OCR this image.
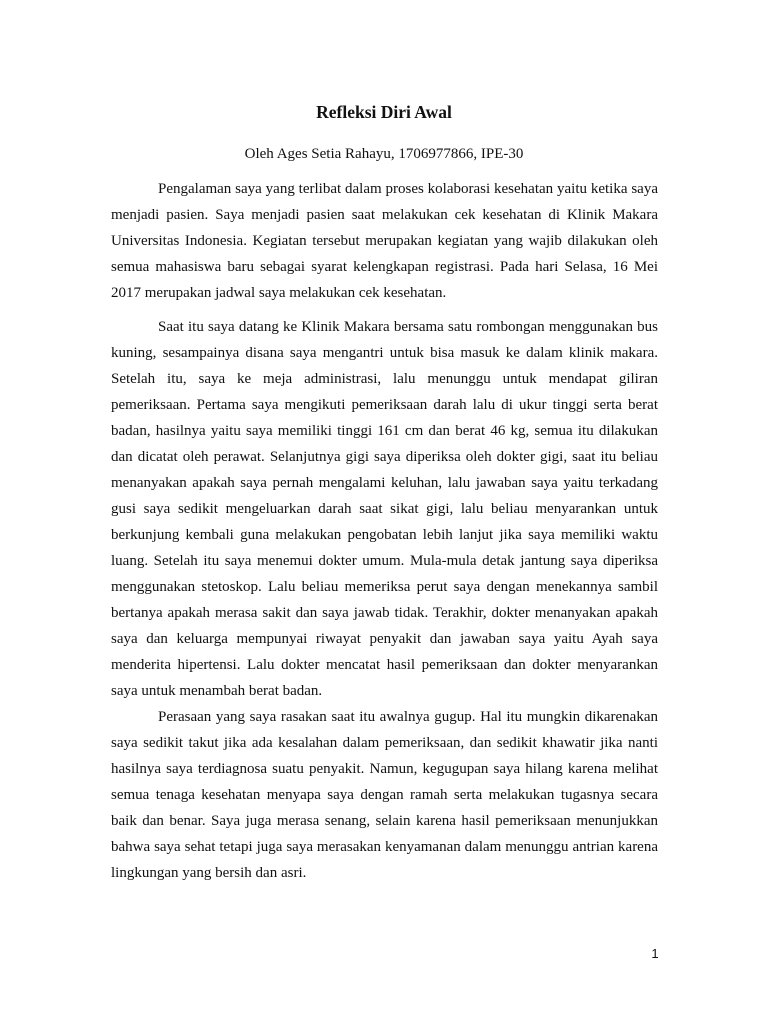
Refleksi Diri Awal

Oleh Ages Setia Rahayu, 1706977866, IPE-30

Pengalaman saya yang terlibat dalam proses kolaborasi kesehatan yaitu ketika saya menjadi pasien. Saya menjadi pasien saat melakukan cek kesehatan di Klinik Makara Universitas Indonesia. Kegiatan tersebut merupakan kegiatan yang wajib dilakukan oleh semua mahasiswa baru sebagai syarat kelengkapan registrasi. Pada hari Selasa, 16 Mei 2017 merupakan jadwal saya melakukan cek kesehatan.

Saat itu saya datang ke Klinik Makara bersama satu rombongan menggunakan bus kuning, sesampainya disana saya mengantri untuk bisa masuk ke dalam klinik makara. Setelah itu, saya ke meja administrasi, lalu menunggu untuk mendapat giliran pemeriksaan. Pertama saya mengikuti pemeriksaan darah lalu di ukur tinggi serta berat badan, hasilnya yaitu saya memiliki tinggi 161 cm dan berat 46 kg, semua itu dilakukan dan dicatat oleh perawat. Selanjutnya gigi saya diperiksa oleh dokter gigi, saat itu beliau menanyakan apakah saya pernah mengalami keluhan, lalu jawaban saya yaitu terkadang gusi saya sedikit mengeluarkan darah saat sikat gigi, lalu beliau menyarankan untuk berkunjung kembali guna melakukan pengobatan lebih lanjut jika saya memiliki waktu luang. Setelah itu saya menemui dokter umum. Mula-mula detak jantung saya diperiksa menggunakan stetoskop. Lalu beliau memeriksa perut saya dengan menekannya sambil bertanya apakah merasa sakit dan saya jawab tidak. Terakhir, dokter menanyakan apakah saya dan keluarga mempunyai riwayat penyakit dan jawaban saya yaitu Ayah saya menderita hipertensi. Lalu dokter mencatat hasil pemeriksaan dan dokter menyarankan saya untuk menambah berat badan.

Perasaan yang saya rasakan saat itu awalnya gugup. Hal itu mungkin dikarenakan saya sedikit takut jika ada kesalahan dalam pemeriksaan, dan sedikit khawatir jika nanti hasilnya saya terdiagnosa suatu penyakit. Namun, kegugupan saya hilang karena melihat semua tenaga kesehatan menyapa saya dengan ramah serta melakukan tugasnya secara baik dan benar. Saya juga merasa senang, selain karena hasil pemeriksaan menunjukkan bahwa saya sehat tetapi juga saya merasakan kenyamanan dalam menunggu antrian karena lingkungan yang bersih dan asri.

1
